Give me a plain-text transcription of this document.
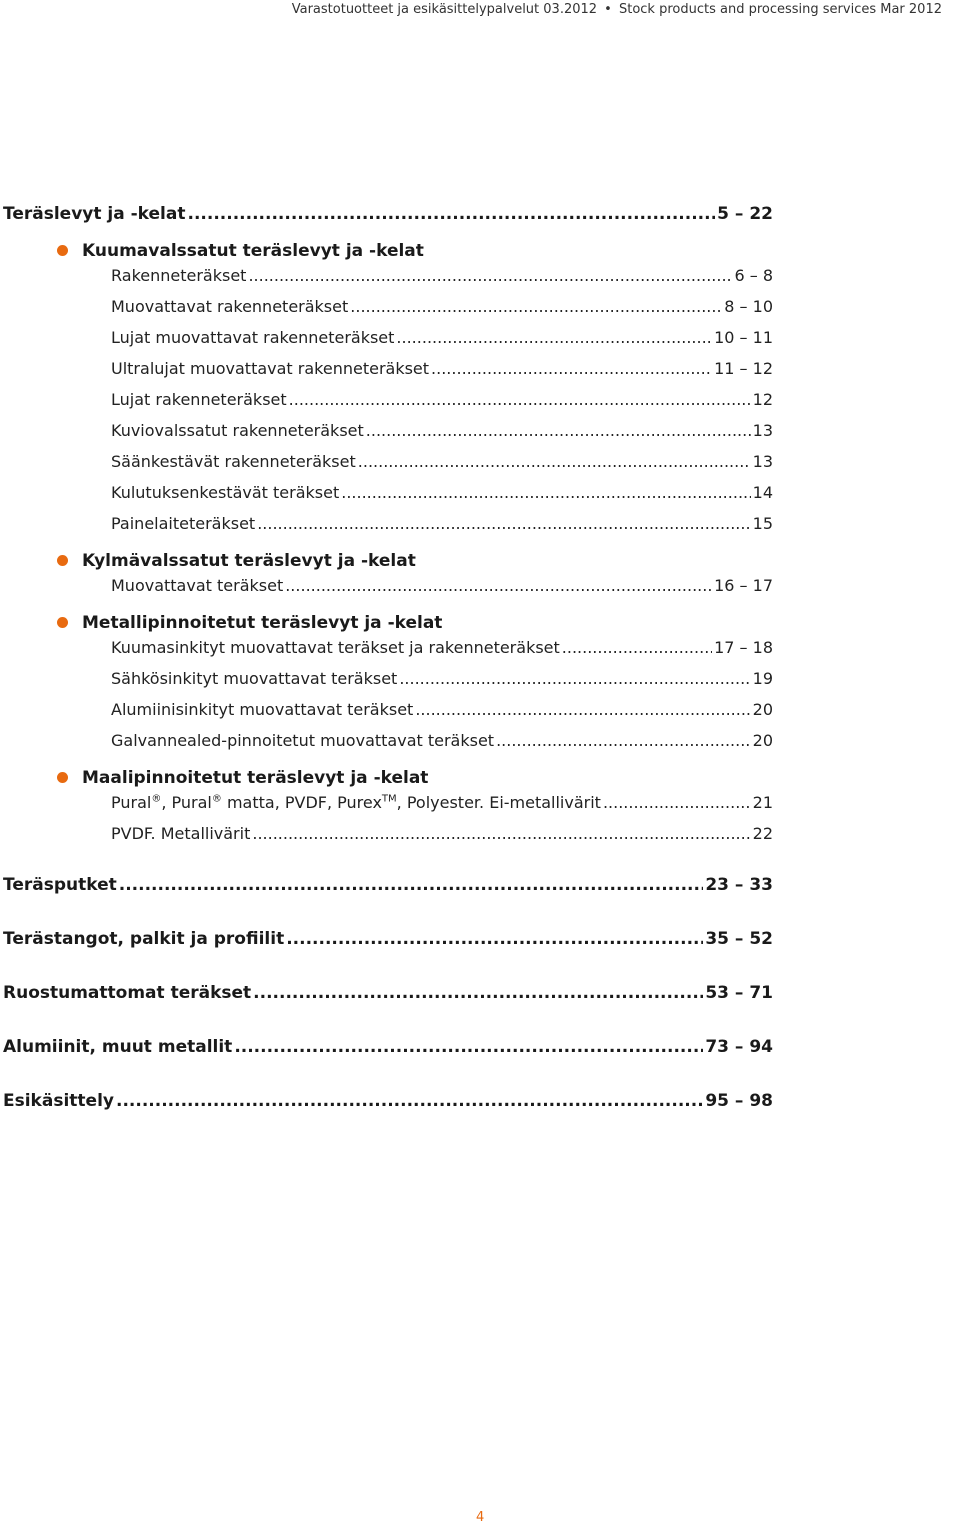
Varastotuotteet ja esikäsittelypalvelut 03.2012 • Stock products and processing services Mar 2012
Teräslevyt ja -kelat .....	5 – 22
Kuumavalssatut teräslevyt ja -kelat
Rakenneteräkset .....	6 – 8
Muovattavat rakenneteräkset .....	8 – 10
Lujat muovattavat rakenneteräkset .....	10 – 11
Ultralujat muovattavat rakenneteräkset .....	11 – 12
Lujat rakenneteräkset .....	12
Kuviovalssatut rakenneteräkset .....	13
Säänkestävät rakenneteräkset .....	13
Kulutuksenkestävät teräkset .....	14
Painelaiteteräkset .....	15
Kylmävalssatut teräslevyt ja -kelat
Muovattavat teräkset .....	16 – 17
Metallipinnoitetut teräslevyt ja -kelat
Kuumasinkityt muovattavat teräkset ja rakenneteräkset .....	17 – 18
Sähkösinkityt muovattavat teräkset .....	19
Alumiinisinkityt muovattavat teräkset .....	20
Galvannealed-pinnoitetut muovattavat teräkset .....	20
Maalipinnoitetut teräslevyt ja -kelat
Pural®, Pural® matta, PVDF, Purex™, Polyester. Ei-metallivärit .....	21
PVDF. Metallivärit .....	22
Teräsputket .....	23 – 33
Terästangot, palkit ja profiilit .....	35 – 52
Ruostumattomat teräkset .....	53 – 71
Alumiinit, muut metallit .....	73 – 94
Esikäsittely .....	95 – 98
4
